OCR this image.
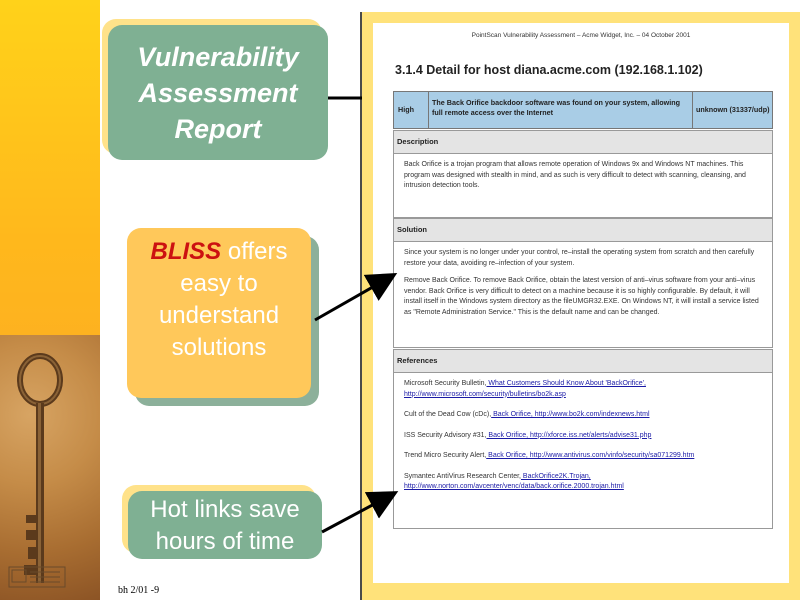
bh 2/01 -9
Vulnerability
Assessment
Report
BLISS offers
easy to
understand
solutions
Hot links save
hours of time
PointScan Vulnerability Assessment – Acme Widget, Inc. – 04 October 2001
3.1.4 Detail for host diana.acme.com (192.168.1.102)
High
The Back Orifice backdoor software was found on your system, allowing full remote access over the Internet	unknown (31337/udp)
Description

Back Orifice is a trojan program that allows remote operation of Windows 9x and Windows NT machines. This program was designed with stealth in mind, and as such is very difficult to detect with scanning, cleansing, and intrusion detection tools.

Solution

Since your system is no longer under your control, re–install the operating system from scratch and then carefully restore your data, avoiding re–infection of your system.

Remove Back Orifice. To remove Back Orifice, obtain the latest version of anti–virus software from your anti–virus vendor. Back Orifice is very difficult to detect on a machine because it is so highly configurable. By default, it will install itself in the Windows system directory as the fileUMGR32.EXE. On Windows NT, it will install a service listed as "Remote Administration Service." This is the default name and can be changed.

References
Microsoft Security Bulletin, What Customers Should Know About 'BackOrifice',
http://www.microsoft.com/security/bulletins/bo2k.asp
Cult of the Dead Cow (cDc), Back Orifice, http://www.bo2k.com/indexnews.html
ISS Security Advisory #31, Back Orifice, http://xforce.iss.net/alerts/advise31.php
Trend Micro Security Alert, Back Orifice, http://www.antivirus.com/vinfo/security/sa071299.htm
Symantec AntiVirus Research Center, BackOrifice2K.Trojan,
http://www.norton.com/avcenter/venc/data/back.orifice.2000.trojan.html
